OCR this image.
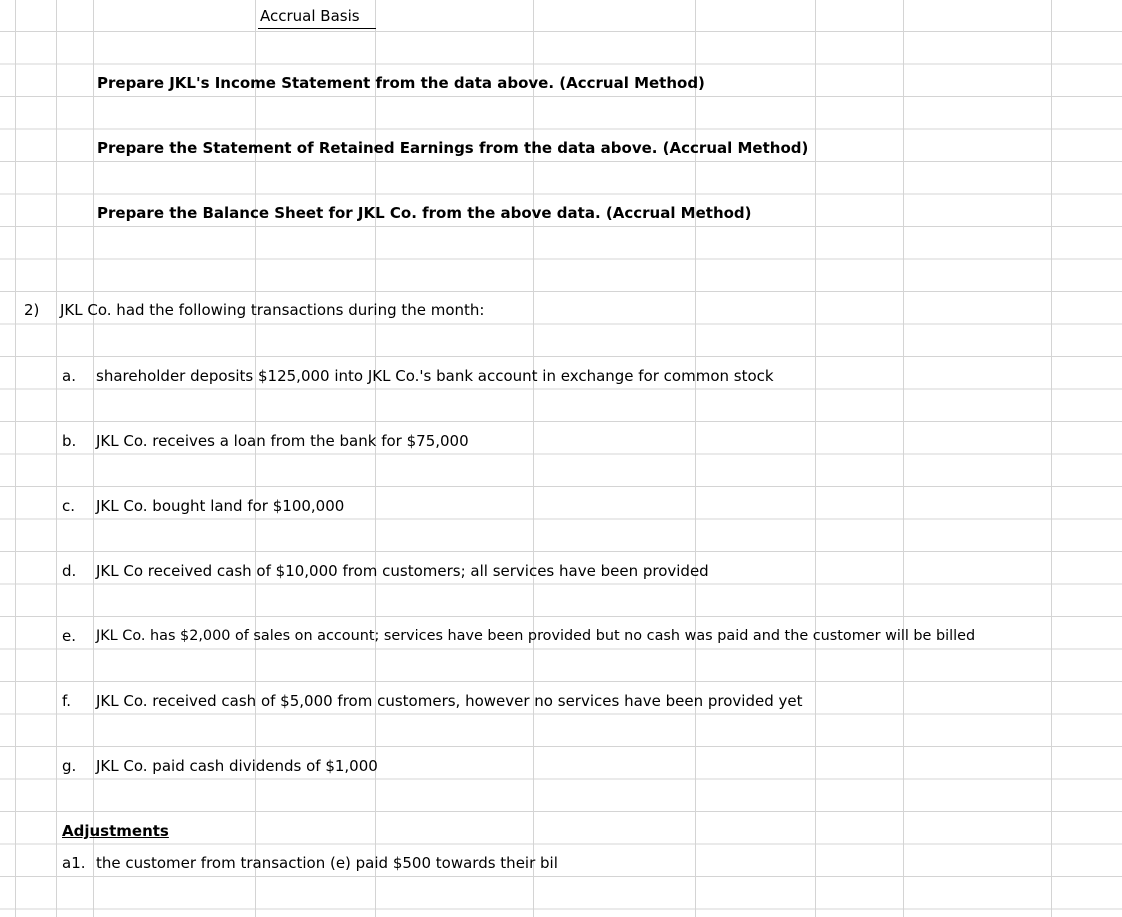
Accrual Basis
Prepare JKL's Income Statement from the data above. (Accrual Method)
Prepare the Statement of Retained Earnings from the data above. (Accrual Method)
Prepare the Balance Sheet for JKL Co. from the above data. (Accrual Method)
2) JKL Co. had the following transactions during the month:
a. shareholder deposits $125,000 into JKL Co.'s bank account in exchange for common stock
b. JKL Co. receives a loan from the bank for $75,000
c. JKL Co. bought land for $100,000
d. JKL Co received cash of $10,000 from customers; all services have been provided
e. JKL Co. has $2,000 of sales on account; services have been provided but no cash was paid and the customer will be billed
f. JKL Co. received cash of $5,000 from customers, however no services have been provided yet
g. JKL Co. paid cash dividends of $1,000
Adjustments
a1. the customer from transaction (e) paid $500 towards their bil
